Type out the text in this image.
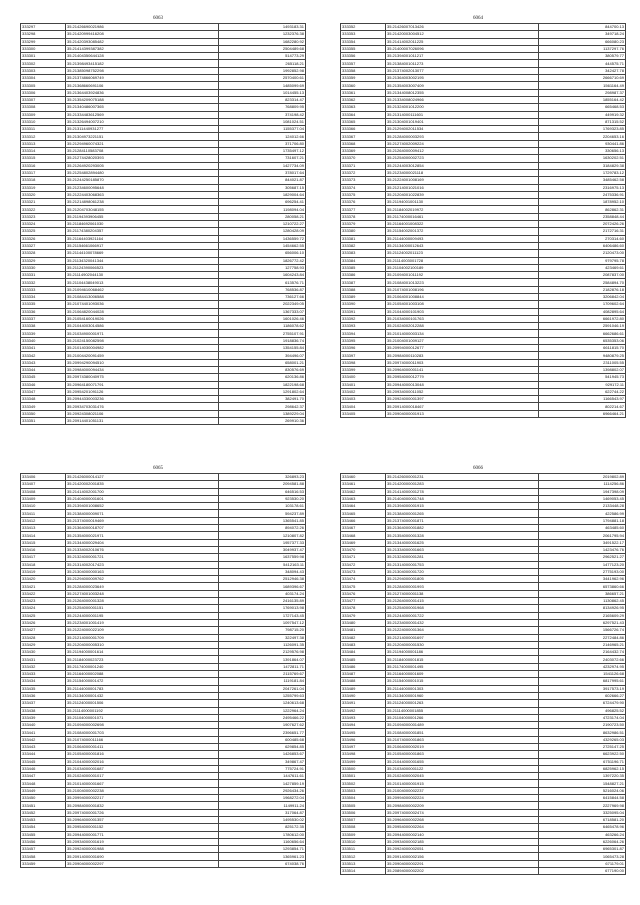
6063
333297	35.21426690021986	1493183.31
333298	35.21420999416208	1232376.38
333299	35.21420393085482	1682280.92
333300	35.21414399387382	2504489.68
333301	35.21404350644128	514773.29
333302	35.21398493415182	265118.21
333303	35.21385098752298	1992852.98
333304	35.21374866069749	2570400.61
333305	35.21368660691106	1485099.69
333306	35.21364403924836	1014455.13
333307	35.21354209075188	823314.47
333308	35.21340486007365	768809.95
333309	35.21334483612569	374198.42
333310	35.21326494007210	1081024.51
333311	35.21311440931277	1155377.04
333312	35.21304973221151	124012.66
333313	35.21294960074321	371706.80
333314	35.21284110583708	1735497.12
333315	35.21274428020393	731607.21
333316	35.21264920293005	1427734.09
333317	35.21254802894480	378017.64
333318	35.21244250185870	844021.87
333319	35.21234600095648	305687.15
333320	35.21224403068363	1829004.64
333321	35.21214898061238	696254.41
333322	35.21204703048155	1198094.04
333323	35.21194393906455	280058.21
333324	35.21184692061030	1210722.27
333325	35.21174380204357	1280428.09
333326	35.21164403921164	1436559.72
333327	35.21154661066917	1454662.55
333328	35.21144100078669	656006.10
333329	35.21134320041344	1826772.42
333330	35.21124390066523	127758.93
333331	35.21114902044130	1604243.84
333332	35.21104438049013	613576.71
333333	35.21094610068462	768536.87
333334	35.21084413006588	736127.66
333335	35.21074401093036	2022349.05
333336	35.21064820044028	1367333.07
333337	35.21054160019026	1601026.46
333338	35.21044003014586	1186078.62
333339	35.21034900001971	2755107.91
333340	35.21024150082598	1918836.74
333341	35.21014030004982	1354155.84
333342	35.21004420091459	394496.07
333343	35.20994290094510	658001.21
333344	35.20984000094434	830576.69
333345	35.20974380040975	620136.86
333346	35.20964180071791	1822198.68
333347	35.20954201091126	1291802.64
333348	35.20944330003236	382491.70
333349	35.20934703031476	298642.37
333350	35.20924308021106	1389229.04
333351	35.20914401051131	269910.36
6064
333352	35.21426007013426	844700.13
333353	35.21420003004512	349718.24
333354	35.21414002011225	666080.23
333355	35.21400007026096	1137297.76
333356	35.21394001011217	380579.77
333357	35.21384001011273	444575.71
333358	35.21374002013077	342427.78
333359	35.21364003002195	2666710.69
333360	35.21354003007409	1561164.49
333361	35.21344008012355	298987.37
333362	35.21334008024966	1855164.42
333363	35.21324001012200	665468.53
333364	35.21314000111601	449919.32
333365	35.21304001019401	871315.52
333366	35.21294002011534	1769323.85
333367	35.21284000003293	2204653.16
333368	35.21274002009224	930441.86
333369	35.21264000009412	330656.13
333370	35.21254000002723	1630202.51
333371	35.21244003012854	3184829.38
333372	35.21234000021118	1729783.12
333373	35.21224001008169	3485462.58
333374	35.21214001021016	2316975.13
333375	35.21204001022839	2475336.91
333376	35.21194001001130	1878952.10
333377	35.21184002019972	862862.31
333378	35.21174000016461	2358848.44
333379	35.21164001008322	2072426.26
333380	35.21154002001372	2172716.31
333381	35.21144000009493	270314.60
333382	35.21134000012643	6406486.60
333383	35.21124002011123	2120473.00
333384	35.21114003001728	979795.78
333385	35.21104002100189	423469.61
333386	35.21094001011192	2087837.00
333387	35.21084001013223	2584894.70
333388	35.21074001008196	2182876.18
333389	35.21064001008844	3206842.04
333390	35.21054001003108	1709602.64
333391	35.21044000101903	4082895.64
333392	35.21034000101763	6661972.80
333393	35.21024002012288	2591046.19
333394	35.21014000003134	6662686.61
333395	35.21004001009127	6535353.06
333396	35.20994000012677	6611815.70
333397	35.20984000110283	9480879.25
333398	35.20974000011903	2311005.55
333399	35.20964000001141	1398802.07
333400	35.20954000012779	541945.73
333401	35.20944000013048	929172.11
333402	35.20934000011052	622744.22
333403	35.20924000001397	1166543.97
333404	35.20914000018467	802214.67
333405	35.20904000001913	6966464.21
6065
333406	35.21426000014127	326893.23
333407	35.21420002001835	2094581.88
333408	35.21414002001700	646516.53
333409	35.21404000001601	923530.20
333410	35.21394001008652	103178.61
333411	35.21384000009071	594237.89
333412	35.21374000019469	1365541.85
333413	35.21364000018707	894072.26
333414	35.21354000021971	1210807.82
333415	35.21344000029404	1957377.33
333416	35.21334002010676	3049937.47
333417	35.21324000001721	1637559.98
333418	35.21314002017423	5412163.11
333419	35.21304000000163	348094.43
333420	35.21294000009762	2512946.38
333421	35.21284000023649	1689396.67
333422	35.21274001003248	403174.24
333423	35.21264000001328	2416135.89
333424	35.21254000001151	1769013.98
333425	35.21244000001195	1727143.45
333426	35.21234001001419	1097547.12
333427	35.21224000022109	798715.20
333428	35.21214000001709	322497.38
333429	35.21204000005310	1126091.35
333430	35.21194000001614	2129576.98
333431	35.21184000023723	1391864.07
333432	35.21174000001240	1472811.71
333433	35.21164000002088	2115769.67
333434	35.21154000001472	1119181.84
333435	35.21144000001783	2047261.04
333436	35.21134000001432	1255799.63
333437	35.21124000001506	1240613.68
333438	35.21114000001192	1222964.24
333439	35.21104000001071	2495466.22
333440	35.21094000002698	1907627.62
333441	35.21084000001703	2396651.77
333442	35.21074000011166	600485.68
333443	35.21064000001411	629854.85
333444	35.21054000001816	1426853.67
333445	35.21044000002016	349867.47
333446	35.21034000001687	775724.91
333447	35.21024000001017	1447611.61
333448	35.21014000001667	1427859.19
333449	35.21004000002238	2926434.26
333450	35.20994000002217	1968272.04
333451	35.20984000001832	1149911.24
333452	35.20974000001726	317064.87
333453	35.20964000001357	1495530.02
333454	35.20954000001152	825172.35
333455	35.20944000001771	1780612.00
333456	35.20934000001619	1160656.64
333457	35.20924000001988	1293854.71
333458	35.20914000001690	1365961.23
333459	35.20904000002297	674038.76
6066
333460	35.21426000001231	2019802.89
333461	35.21420000001283	1114256.86
333462	35.21414000001278	1947398.09
333463	35.21404000001748	1469053.45
333464	35.21394000001915	2133448.28
333465	35.21384000001265	422586.99
333466	35.21374000001871	1794881.18
333467	35.21364000001882	463485.60
333468	35.21354000001328	2061795.94
333469	35.21344000001625	3491522.17
333470	35.21334000001663	1423476.76
333471	35.21324000001281	2962521.27
333472	35.21314000001753	1477123.20
333473	35.21304000001720	2775193.00
333474	35.21294000001805	3441962.96
333475	35.21284000001993	6573860.66
333476	35.21274000001138	386657.21
333477	35.21264000001415	1130862.45
333478	35.21254000001968	8134926.95
333479	35.21244000001722	2165609.29
333480	35.21234000001432	6297521.43
333481	35.21224000001364	1566726.74
333482	35.21214000001697	2272484.86
333483	35.21204000001530	2146965.21
333484	35.21194000001186	2164432.74
333485	35.21184000001815	2403072.66
333486	35.21174000001495	4232974.95
333487	35.21164000001609	1541126.68
333488	35.21154000001015	6817995.61
333489	35.21144000001303	3917573.19
333490	35.21134000001960	602666.27
333491	35.21124000001263	6724479.90
333492	35.21114000001855	496825.52
333493	35.21104000001266	4723174.04
333494	35.21094000001489	2190723.50
333495	35.21084000001851	8632986.51
333496	35.21074000001863	4329265.03
333497	35.21064000002019	2725147.25
333498	35.21054000001863	6623922.50
333499	35.21044000001655	6751196.71
333500	35.21034000001122	6825962.15
333501	35.21024000002045	1397220.35
333502	35.21014000001915	1548827.21
333503	35.21004000002237	5216024.06
333504	35.20994000002224	6415844.58
333505	35.20984000002209	2227969.98
333506	35.20974000002474	3325095.04
333507	35.20964000002268	6718581.20
333508	35.20954000002264	6465478.96
333509	35.20944000002140	463266.24
333510	35.20934000002185	6226064.26
333511	35.20924000002051	6965301.87
333512	35.20914000002156	1065473.28
333513	35.20904000002291	671179.01
333514	35.20894000002202	677190.00
